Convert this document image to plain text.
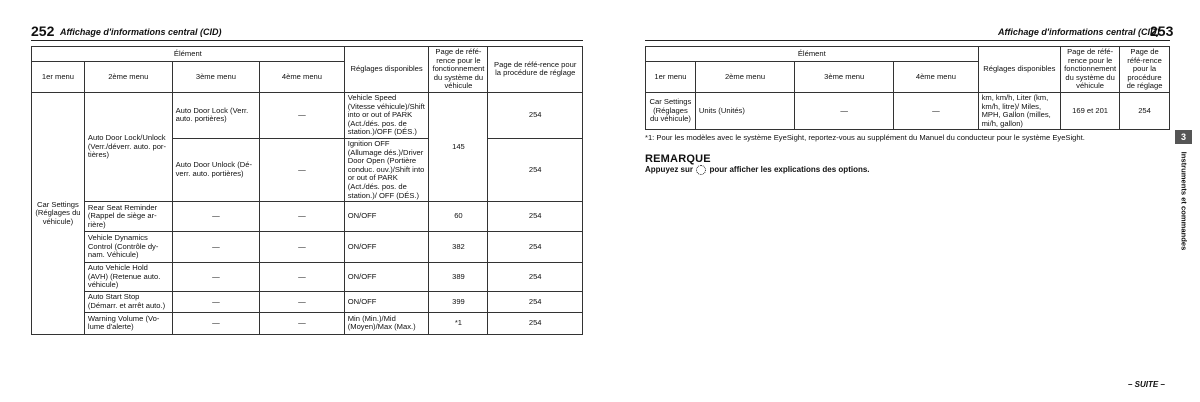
252 Affichage d'informations central (CID)
Élément				Réglages disponibles	Page de réfé-rence pour le fonctionnement du système du véhicule	Page de réfé-rence pour la procédure de réglage
1er menu	2ème menu	3ème menu	4ème menu			
Car Settings (Réglages du véhicule)	Auto Door Lock/Unlock (Verr./déverr. auto. por-tières)	Auto Door Lock (Verr. auto. portières)	—	Vehicle Speed (Vitesse véhicule)/Shift into or out of PARK (Act./dés. pos. de station.)/OFF (DÉS.)	145	254
		Auto Door Unlock (Dé-verr. auto. portières)	—	Ignition OFF (Allumage dés.)/Driver Door Open (Portière conduc. ouv.)/Shift into or out of PARK (Act./dés. pos. de station.)/ OFF (DÉS.)		254
	Rear Seat Reminder (Rappel de siège ar-rière)	—	—	ON/OFF	60	254
	Vehicle Dynamics Control (Contrôle dy-nam. Véhicule)	—	—	ON/OFF	382	254
	Auto Vehicle Hold (AVH) (Retenue auto. véhicule)	—	—	ON/OFF	389	254
	Auto Start Stop (Démarr. et arrêt auto.)	—	—	ON/OFF	399	254
	Warning Volume (Vo-lume d'alerte)	—	—	Min (Min.)/Mid (Moyen)/Max (Max.)	*1	254
Affichage d'informations central (CID)
253
Élément				Réglages disponibles	Page de réfé-rence pour le fonctionnement du système du véhicule	Page de réfé-rence pour la procédure de réglage
1er menu	2ème menu	3ème menu	4ème menu			
Car Settings (Réglages du véhicule)	Units (Unités)	—	—	km, km/h, Liter (km, km/h, litre)/ Miles, MPH, Gallon (milles, mi/h, gallon)	169 et 201	254
*1: Pour les modèles avec le système EyeSight, reportez-vous au supplément du Manuel du conducteur pour le système EyeSight.
REMARQUE
Appuyez sur pour afficher les explications des options.
3
Instruments et commandes
– SUITE –
